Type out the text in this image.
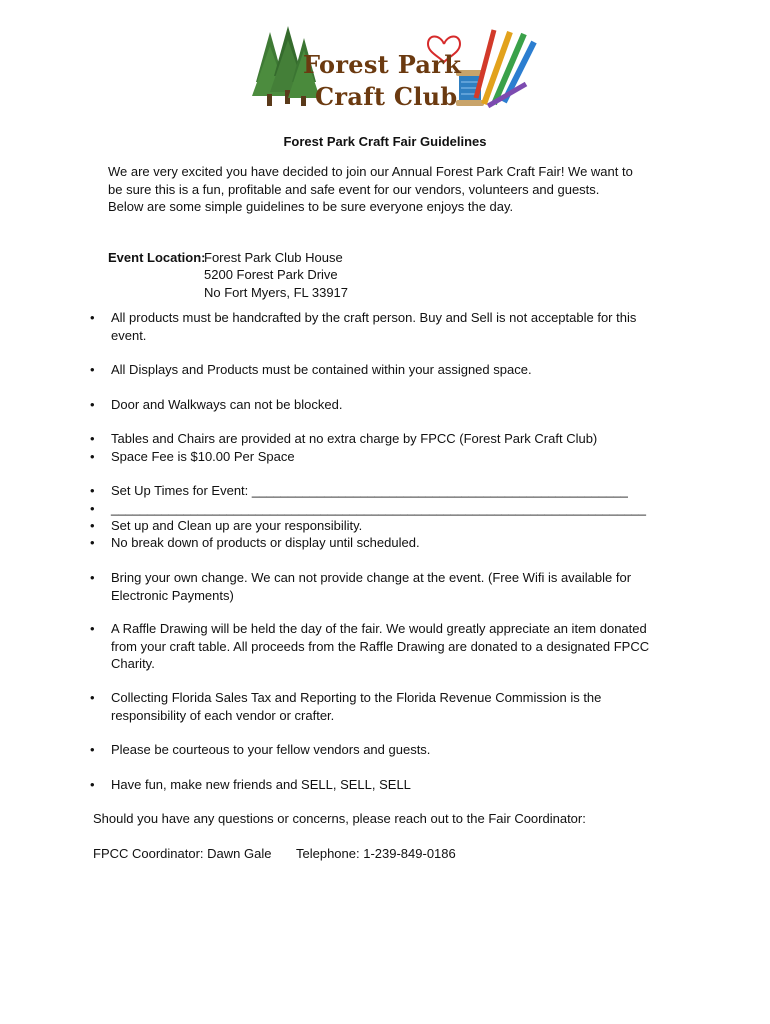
Forest Park
Craft Club
Forest Park Craft Fair Guidelines
We are very excited you have decided to join our Annual Forest Park Craft Fair! We want to
be sure this is a fun, profitable and safe event for our vendors, volunteers and guests.
Below are some simple guidelines to be sure everyone enjoys the day.
Event Location:
Forest Park Club House
5200 Forest Park Drive
No Fort Myers, FL 33917
• All products must be handcrafted by the craft person. Buy and Sell is not acceptable for this
event.
• All Displays and Products must be contained within your assigned space.
• Door and Walkways can not be blocked.
• Tables and Chairs are provided at no extra charge by FPCC (Forest Park Craft Club)
• Space Fee is $10.00 Per Space
• Set Up Times for Event: ____________________________________________________
• __________________________________________________________________________
• Set up and Clean up are your responsibility.
• No break down of products or display until scheduled.
• Bring your own change. We can not provide change at the event. (Free Wifi is available for
Electronic Payments)
• A Raffle Drawing will be held the day of the fair. We would greatly appreciate an item donated
from your craft table. All proceeds from the Raffle Drawing are donated to a designated FPCC
Charity.
• Collecting Florida Sales Tax and Reporting to the Florida Revenue Commission is the
responsibility of each vendor or crafter.
• Please be courteous to your fellow vendors and guests.
• Have fun, make new friends and SELL, SELL, SELL
Should you have any questions or concerns, please reach out to the Fair Coordinator:
FPCC Coordinator: Dawn Gale Telephone: 1-239-849-0186
